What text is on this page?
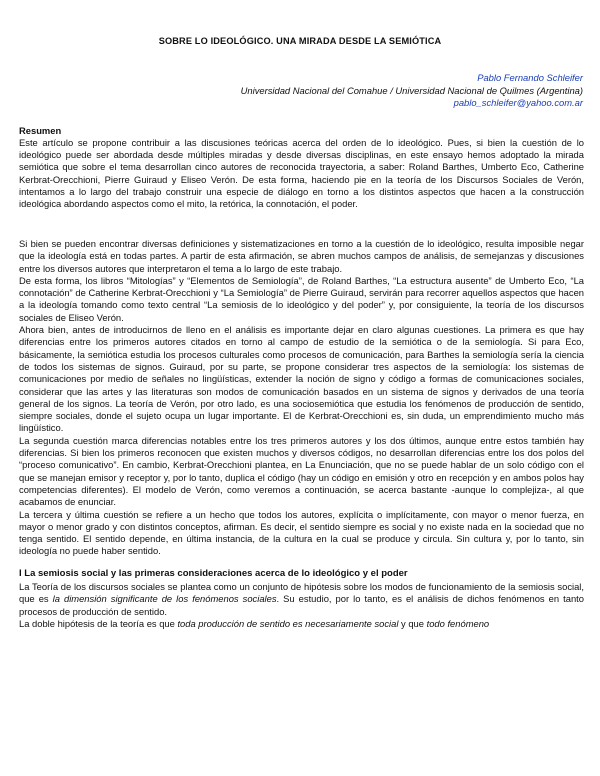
SOBRE LO IDEOLÓGICO. UNA MIRADA DESDE LA SEMIÓTICA
Pablo Fernando Schleifer
Universidad Nacional del Comahue / Universidad Nacional de Quilmes (Argentina)
pablo_schleifer@yahoo.com.ar
Resumen

Este artículo se propone contribuir a las discusiones teóricas acerca del orden de lo ideológico. Pues, si bien la cuestión de lo ideológico puede ser abordada desde múltiples miradas y desde diversas disciplinas, en este ensayo hemos adoptado la mirada semiótica que sobre el tema desarrollan cinco autores de reconocida trayectoria, a saber: Roland Barthes, Umberto Eco, Catherine Kerbrat-Orecchioni, Pierre Guiraud y Eliseo Verón. De esta forma, haciendo pie en la teoría de los Discursos Sociales de Verón, intentamos a lo largo del trabajo construir una especie de diálogo en torno a los distintos aspectos que hacen a la construcción ideológica abordando aspectos como el mito, la retórica, la connotación, el poder.

Si bien se pueden encontrar diversas definiciones y sistematizaciones en torno a la cuestión de lo ideológico, resulta imposible negar que la ideología está en todas partes. A partir de esta afirmación, se abren muchos campos de análisis, de semejanzas y discusiones entre los diversos autores que interpretaron el tema a lo largo de este trabajo.

De esta forma, los libros “Mitologías” y “Elementos de Semiología”, de Roland Barthes, “La estructura ausente” de Umberto Eco, “La connotación” de Catherine Kerbrat-Orecchioni y “La Semiología” de Pierre Guiraud, servirán para recorrer aquellos aspectos que hacen a la ideología tomando como texto central “La semiosis de lo ideológico y del poder” y, por consiguiente, la teoría de los discursos sociales de Eliseo Verón.

Ahora bien, antes de introducirnos de lleno en el análisis es importante dejar en claro algunas cuestiones. La primera es que hay diferencias entre los primeros autores citados en torno al campo de estudio de la semiótica o de la semiología. Si para Eco, básicamente, la semiótica estudia los procesos culturales como procesos de comunicación, para Barthes la semiología sería la ciencia de todos los sistemas de signos. Guiraud, por su parte, se propone considerar tres aspectos de la semiología: los sistemas de comunicaciones por medio de señales no lingüísticas, extender la noción de signo y código a formas de comunicaciones sociales, considerar que las artes y las literaturas son modos de comunicación basados en un sistema de signos y derivados de una teoría general de los signos. La teoría de Verón, por otro lado, es una sociosemiótica que estudia los fenómenos de producción de sentido, siempre sociales, donde el sujeto ocupa un lugar importante. El de Kerbrat-Orecchioni es, sin duda, un emprendimiento mucho más lingüístico.

La segunda cuestión marca diferencias notables entre los tres primeros autores y los dos últimos, aunque entre estos también hay diferencias. Si bien los primeros reconocen que existen muchos y diversos códigos, no desarrollan diferencias entre los dos polos del “proceso comunicativo”. En cambio, Kerbrat-Orecchioni plantea, en La Enunciación, que no se puede hablar de un solo código con el que se manejan emisor y receptor y, por lo tanto, duplica el código (hay un código en emisión y otro en recepción y en ambos polos hay competencias diferentes). El modelo de Verón, como veremos a continuación, se acerca bastante -aunque lo complejiza-, al que acabamos de enunciar.

La tercera y última cuestión se refiere a un hecho que todos los autores, explícita o implícitamente, con mayor o menor fuerza, en mayor o menor grado y con distintos conceptos, afirman. Es decir, el sentido siempre es social y no existe nada en la sociedad que no tenga sentido. El sentido depende, en última instancia, de la cultura en la cual se produce y circula. Sin cultura y, por lo tanto, sin ideología no puede haber sentido.

I La semiosis social y las primeras consideraciones acerca de lo ideológico y el poder

La Teoría de los discursos sociales se plantea como un conjunto de hipótesis sobre los modos de funcionamiento de la semiosis social, que es la dimensión significante de los fenómenos sociales. Su estudio, por lo tanto, es el análisis de dichos fenómenos en tanto procesos de producción de sentido.

La doble hipótesis de la teoría es que toda producción de sentido es necesariamente social y que todo fenómeno
